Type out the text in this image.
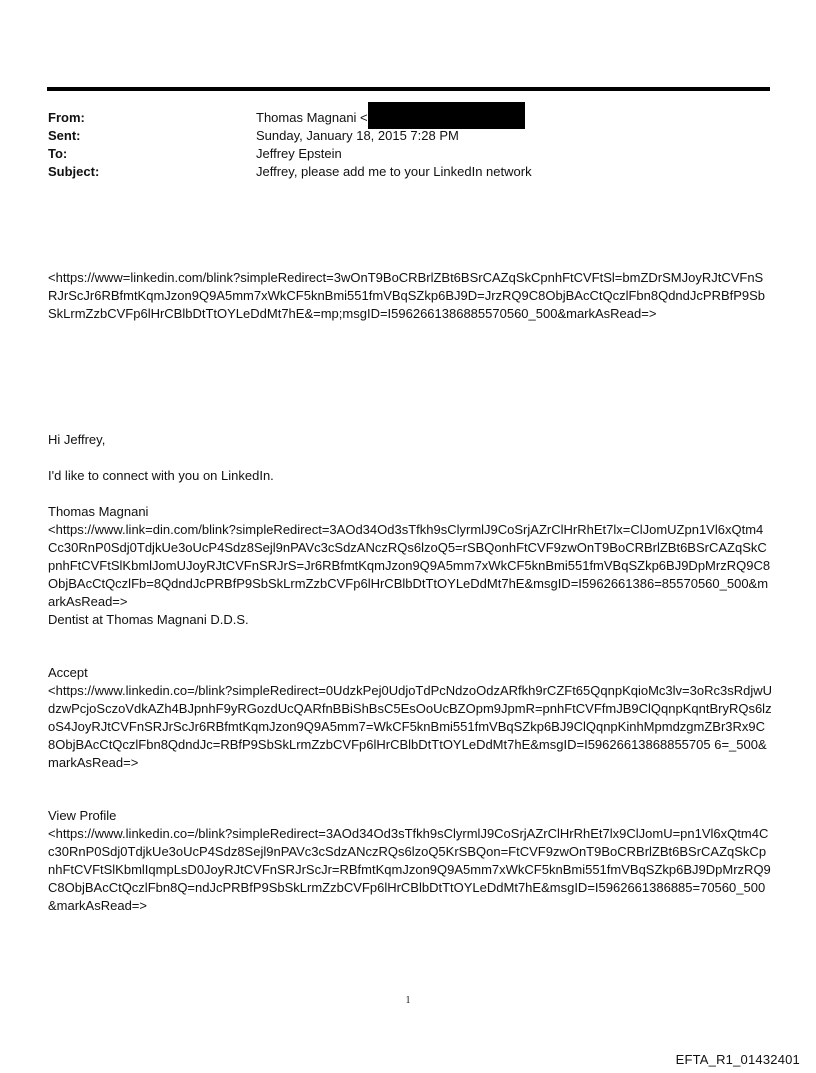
From:	Thomas Magnani <
Sent:	Sunday, January 18, 2015 7:28 PM
To:	Jeffrey Epstein
Subject:	Jeffrey, please add me to your LinkedIn network

<https://www=linkedin.com/blink?simpleRedirect=3wOnT9BoCRBrlZBt6BSrCAZqSkCpnhFtCVFtSl=bmZDrSMJoyRJtCVFnSRJrScJr6RBfmtKqmJzon9Q9A5mm7xWkCF5knBmi551fmVBqSZkp6BJ9D=JrzRQ9C8ObjBAcCtQczlFbn8QdndJcPRBfP9SbSkLrmZzbCVFp6lHrCBlbDtTtOYLeDdMt7hE&=mp;msgID=I5962661386885570560_500&markAsRead=>

Hi Jeffrey,

I'd like to connect with you on LinkedIn.

Thomas Magnani

<https://www.link=din.com/blink?simpleRedirect=3AOd34Od3sTfkh9sClyrmlJ9CoSrjAZrClHrRhEt7lx=ClJomUZpn1Vl6xQtm4Cc30RnP0Sdj0TdjkUe3oUcP4Sdz8Sejl9nPAVc3cSdzANczRQs6lzoQ5=rSBQonhFtCVF9zwOnT9BoCRBrlZBt6BSrCAZqSkCpnhFtCVFtSlKbmlJomUJoyRJtCVFnSRJrS=Jr6RBfmtKqmJzon9Q9A5mm7xWkCF5knBmi551fmVBqSZkp6BJ9DpMrzRQ9C8ObjBAcCtQczlFb=8QdndJcPRBfP9SbSkLrmZzbCVFp6lHrCBlbDtTtOYLeDdMt7hE&msgID=I5962661386=85570560_500&markAsRead=>

Dentist at Thomas Magnani D.D.S.

Accept

<https://www.linkedin.co=/blink?simpleRedirect=0UdzkPej0UdjoTdPcNdzoOdzARfkh9rCZFt65QqnpKqioMc3lv=3oRc3sRdjwUdzwPcjoSczoVdkAZh4BJpnhF9yRGozdUcQARfnBBiShBsC5EsOoUcBZOpm9JpmR=pnhFtCVFfmJB9ClQqnpKqntBryRQs6lzoS4JoyRJtCVFnSRJrScJr6RBfmtKqmJzon9Q9A5mm7=WkCF5knBmi551fmVBqSZkp6BJ9ClQqnpKinhMpmdzgmZBr3Rx9C8ObjBAcCtQczlFbn8QdndJc=RBfP9SbSkLrmZzbCVFp6lHrCBlbDtTtOYLeDdMt7hE&msgID=I59626613868855705 6=_500&markAsRead=>

View Profile

<https://www.linkedin.co=/blink?simpleRedirect=3AOd34Od3sTfkh9sClyrmlJ9CoSrjAZrClHrRhEt7lx9ClJomU=pn1Vl6xQtm4Cc30RnP0Sdj0TdjkUe3oUcP4Sdz8Sejl9nPAVc3cSdzANczRQs6lzoQ5KrSBQon=FtCVF9zwOnT9BoCRBrlZBt6BSrCAZqSkCpnhFtCVFtSlKbmlIqmpLsD0JoyRJtCVFnSRJrScJr=RBfmtKqmJzon9Q9A5mm7xWkCF5knBmi551fmVBqSZkp6BJ9DpMrzRQ9C8ObjBAcCtQczlFbn8Q=ndJcPRBfP9SbSkLrmZzbCVFp6lHrCBlbDtTtOYLeDdMt7hE&msgID=I5962661386885=70560_500&markAsRead=>

1
EFTA_R1_01432401
